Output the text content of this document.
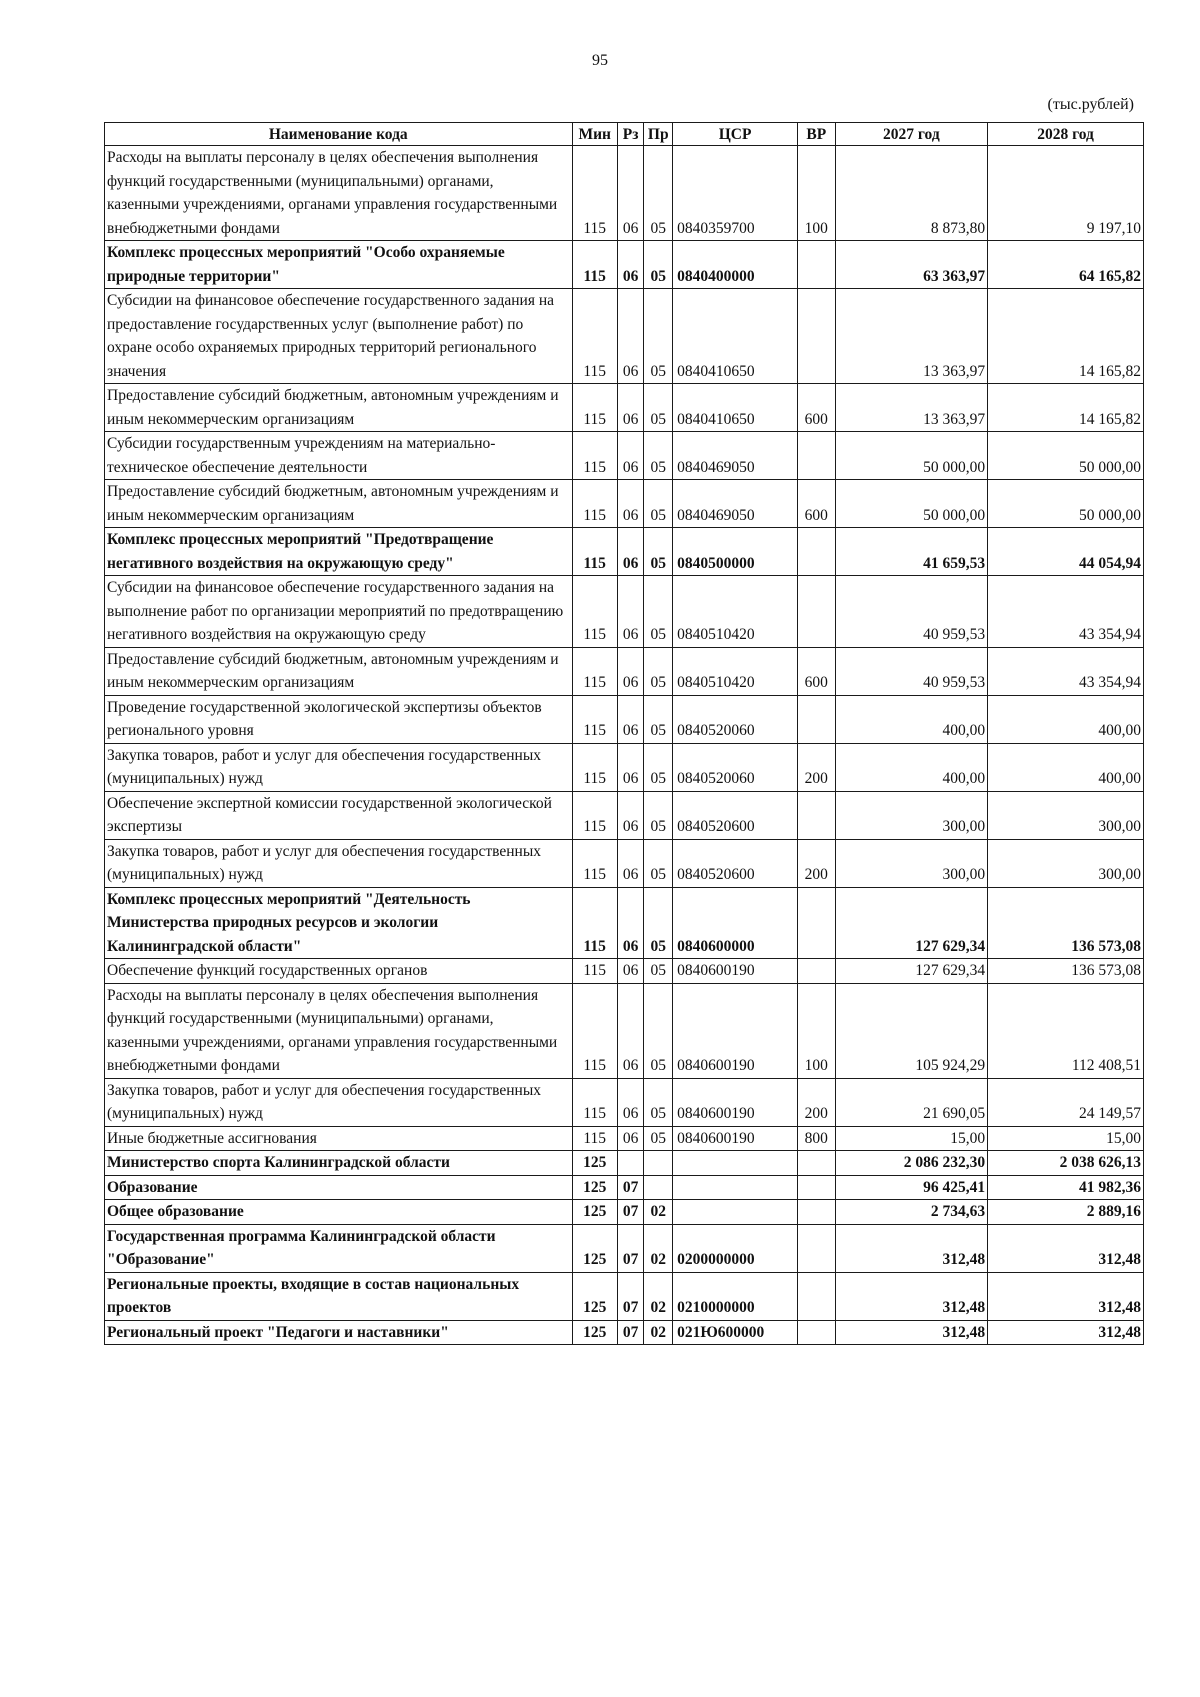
95
(тыс.рублей)
Наименование кода	Мин	Рз	Пр	ЦСР	ВР	2027 год	2028 год
Расходы на выплаты персоналу в целях обеспечения выполнения функций государственными (муниципальными) органами, казенными учреждениями, органами управления государственными внебюджетными фондами	115	06	05	0840359700	100	8 873,80	9 197,10
Комплекс процессных мероприятий "Особо охраняемые природные территории"	115	06	05	0840400000		63 363,97	64 165,82
Субсидии на финансовое обеспечение государственного задания на предоставление государственных услуг (выполнение работ) по охране особо охраняемых природных территорий регионального значения	115	06	05	0840410650		13 363,97	14 165,82
Предоставление субсидий бюджетным, автономным учреждениям и иным некоммерческим организациям	115	06	05	0840410650	600	13 363,97	14 165,82
Субсидии государственным учреждениям на материально-техническое обеспечение деятельности	115	06	05	0840469050		50 000,00	50 000,00
Предоставление субсидий бюджетным, автономным учреждениям и иным некоммерческим организациям	115	06	05	0840469050	600	50 000,00	50 000,00
Комплекс процессных мероприятий "Предотвращение негативного воздействия на окружающую среду"	115	06	05	0840500000		41 659,53	44 054,94
Субсидии на финансовое обеспечение государственного задания на выполнение работ по организации мероприятий по предотвращению негативного воздействия на окружающую среду	115	06	05	0840510420		40 959,53	43 354,94
Предоставление субсидий бюджетным, автономным учреждениям и иным некоммерческим организациям	115	06	05	0840510420	600	40 959,53	43 354,94
Проведение государственной экологической экспертизы объектов регионального уровня	115	06	05	0840520060		400,00	400,00
Закупка товаров, работ и услуг для обеспечения государственных (муниципальных) нужд	115	06	05	0840520060	200	400,00	400,00
Обеспечение экспертной комиссии государственной экологической экспертизы	115	06	05	0840520600		300,00	300,00
Закупка товаров, работ и услуг для обеспечения государственных (муниципальных) нужд	115	06	05	0840520600	200	300,00	300,00
Комплекс процессных мероприятий "Деятельность Министерства природных ресурсов и экологии Калининградской области"	115	06	05	0840600000		127 629,34	136 573,08
Обеспечение функций государственных органов	115	06	05	0840600190		127 629,34	136 573,08
Расходы на выплаты персоналу в целях обеспечения выполнения функций государственными (муниципальными) органами, казенными учреждениями, органами управления государственными внебюджетными фондами	115	06	05	0840600190	100	105 924,29	112 408,51
Закупка товаров, работ и услуг для обеспечения государственных (муниципальных) нужд	115	06	05	0840600190	200	21 690,05	24 149,57
Иные бюджетные ассигнования	115	06	05	0840600190	800	15,00	15,00
Министерство спорта Калининградской области	125					2 086 232,30	2 038 626,13
Образование	125	07				96 425,41	41 982,36
Общее образование	125	07	02			2 734,63	2 889,16
Государственная программа Калининградской области "Образование"	125	07	02	0200000000		312,48	312,48
Региональные проекты, входящие в состав национальных проектов	125	07	02	0210000000		312,48	312,48
Региональный проект "Педагоги и наставники"	125	07	02	021Ю600000		312,48	312,48
